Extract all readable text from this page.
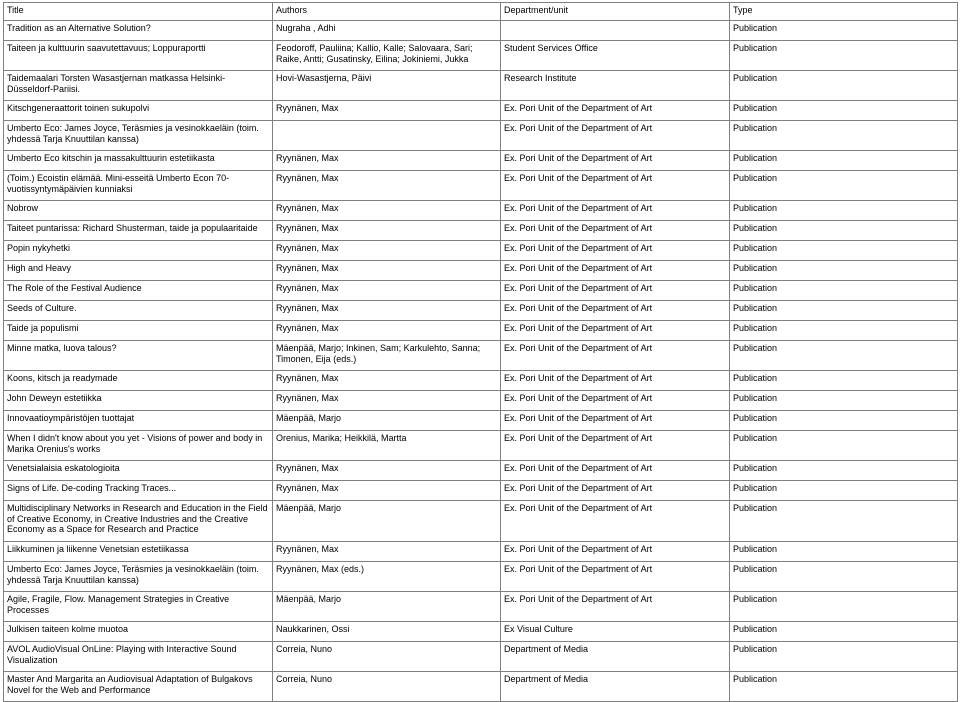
Title	Authors	Department/unit	Type
Tradition as an Alternative Solution?	Nugraha , Adhi		Publication
Taiteen ja kulttuurin saavutettavuus; Loppuraportti	Feodoroff, Pauliina; Kallio, Kalle; Salovaara, Sari; Raike, Antti; Gusatinsky, Eilina; Jokiniemi, Jukka	Student Services Office	Publication
Taidemaalari Torsten Wasastjernan matkassa Helsinki-Düsseldorf-Pariisi.	Hovi-Wasastjerna, Päivi	Research Institute	Publication
Kitschgeneraattorit toinen sukupolvi	Ryynänen, Max	Ex. Pori Unit of the Department of Art	Publication
Umberto Eco: James Joyce, Teräsmies ja vesinokkaeläin (toim. yhdessä Tarja Knuuttilan kanssa)		Ex. Pori Unit of the Department of Art	Publication
Umberto Eco kitschin ja massakulttuurin estetiikasta	Ryynänen, Max	Ex. Pori Unit of the Department of Art	Publication
(Toim.) Ecoistin elämää. Mini-esseitä Umberto Econ 70-vuotissyntymäpäivien kunniaksi	Ryynänen, Max	Ex. Pori Unit of the Department of Art	Publication
Nobrow	Ryynänen, Max	Ex. Pori Unit of the Department of Art	Publication
Taiteet puntarissa: Richard Shusterman, taide ja populaaritaide	Ryynänen, Max	Ex. Pori Unit of the Department of Art	Publication
Popin nykyhetki	Ryynänen, Max	Ex. Pori Unit of the Department of Art	Publication
High and Heavy	Ryynänen, Max	Ex. Pori Unit of the Department of Art	Publication
The Role of the Festival Audience	Ryynänen, Max	Ex. Pori Unit of the Department of Art	Publication
Seeds of Culture.	Ryynänen, Max	Ex. Pori Unit of the Department of Art	Publication
Taide ja populismi	Ryynänen, Max	Ex. Pori Unit of the Department of Art	Publication
Minne matka, luova talous?	Mäenpää, Marjo; Inkinen, Sam; Karkulehto, Sanna; Timonen, Eija (eds.)	Ex. Pori Unit of the Department of Art	Publication
Koons, kitsch ja readymade	Ryynänen, Max	Ex. Pori Unit of the Department of Art	Publication
John Deweyn estetiikka	Ryynänen, Max	Ex. Pori Unit of the Department of Art	Publication
Innovaatioympäristöjen tuottajat	Mäenpää, Marjo	Ex. Pori Unit of the Department of Art	Publication
When I didn't know about you yet - Visions of power and body in Marika Orenius's works	Orenius, Marika; Heikkilä, Martta	Ex. Pori Unit of the Department of Art	Publication
Venetsialaisia eskatologioita	Ryynänen, Max	Ex. Pori Unit of the Department of Art	Publication
Signs of Life. De-coding Tracking Traces...	Ryynänen, Max	Ex. Pori Unit of the Department of Art	Publication
Multidisciplinary Networks in Research and Education in the Field of Creative Economy, in Creative Industries and the Creative Economy as a Space for Research and Practice	Mäenpää, Marjo	Ex. Pori Unit of the Department of Art	Publication
Liikkuminen ja liikenne Venetsian estetiikassa	Ryynänen, Max	Ex. Pori Unit of the Department of Art	Publication
Umberto Eco: James Joyce, Teräsmies ja vesinokkaeläin (toim. yhdessä Tarja Knuuttilan kanssa)	Ryynänen, Max (eds.)	Ex. Pori Unit of the Department of Art	Publication
Agile, Fragile, Flow. Management Strategies in Creative Processes	Mäenpää, Marjo	Ex. Pori Unit of the Department of Art	Publication
Julkisen taiteen kolme muotoa	Naukkarinen, Ossi	Ex Visual Culture	Publication
AVOL AudioVisual OnLine: Playing with Interactive Sound Visualization	Correia, Nuno	Department of Media	Publication
Master And Margarita an Audiovisual Adaptation of Bulgakovs Novel for the Web and Performance	Correia, Nuno	Department of Media	Publication
